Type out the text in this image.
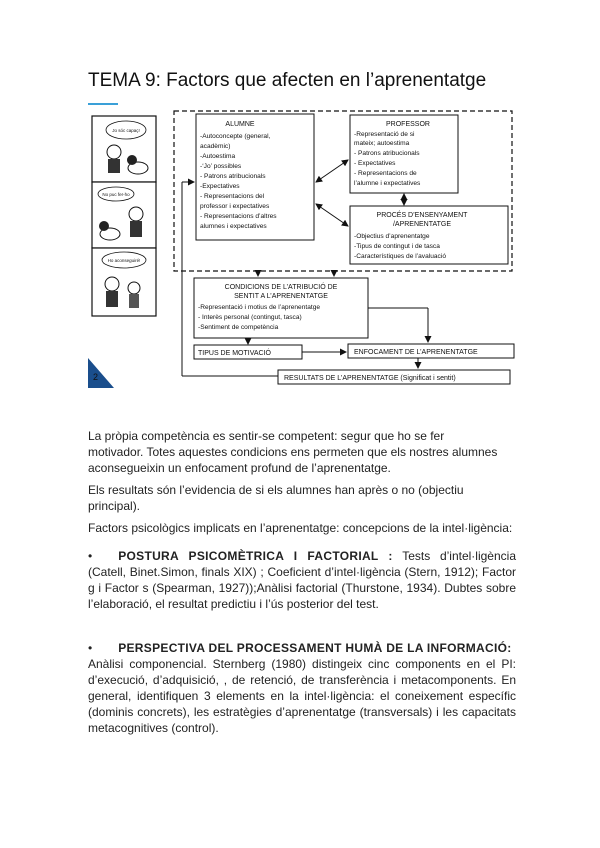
TEMA 9: Factors que afecten en l’aprenentatge
Jo sóc capaç!
No puc fer-ho
Ho aconseguiré!
2
ALUMNE
-Autoconcepte (general,
acadèmic)
-Autoestima
-‘Jo’ possibles
- Patrons atribucionals
-Expectatives
- Representacions del
professor i expectatives
- Representacions d’altres
alumnes i expectatives
PROFESSOR
-Representació de si
mateix; autoestima
- Patrons atribucionals
- Expectatives
- Representacions de
l’alumne i expectatives
PROCÉS D’ENSENYAMENT
/APRENENTATGE
-Objectius d’aprenentatge
-Tipus de contingut i de tasca
-Característiques de l’avaluació
CONDICIONS DE L’ATRIBUCIÓ DE
SENTIT A L’APRENENTATGE
-Representació i motius de l’aprenentatge
- Interès personal (contingut, tasca)
-Sentiment de competència
TIPUS DE MOTIVACIÓ	ENFOCAMENT DE L’APRENENTATGE
RESULTATS DE L’APRENENTATGE (Significat i sentit)

La pròpia competència es sentir-se competent: segur que ho se fer

motivador. Totes aquestes condicions ens permeten que els nostres alumnes aconsegueixin un enfocament profund de l’aprenentatge.

Els resultats són l’evidencia de si els alumnes han après o no (objectiu principal).

Factors psicològics implicats en l’aprenentatge: concepcions de la intel·ligència:

• POSTURA PSICOMÈTRICA I FACTORIAL : Tests d’intel·ligència (Catell, Binet.Simon, finals XIX) ; Coeficient d’intel·ligència (Stern, 1912); Factor g i Factor s (Spearman, 1927));Anàlisi factorial (Thurstone, 1934). Dubtes sobre l’elaboració, el resultat predictiu i l’ús posterior del test.

• PERSPECTIVA DEL PROCESSAMENT HUMÀ DE LA INFORMACIÓ:
Anàlisi componencial. Sternberg (1980) distingeix cinc components en el PI: d’execució, d’adquisició, , de retenció, de transferència i metacomponents. En general, identifiquen 3 elements en la intel·ligència: el coneixement específic (dominis concrets), les estratègies d’aprenentatge (transversals) i les capacitats metacognitives (control).
